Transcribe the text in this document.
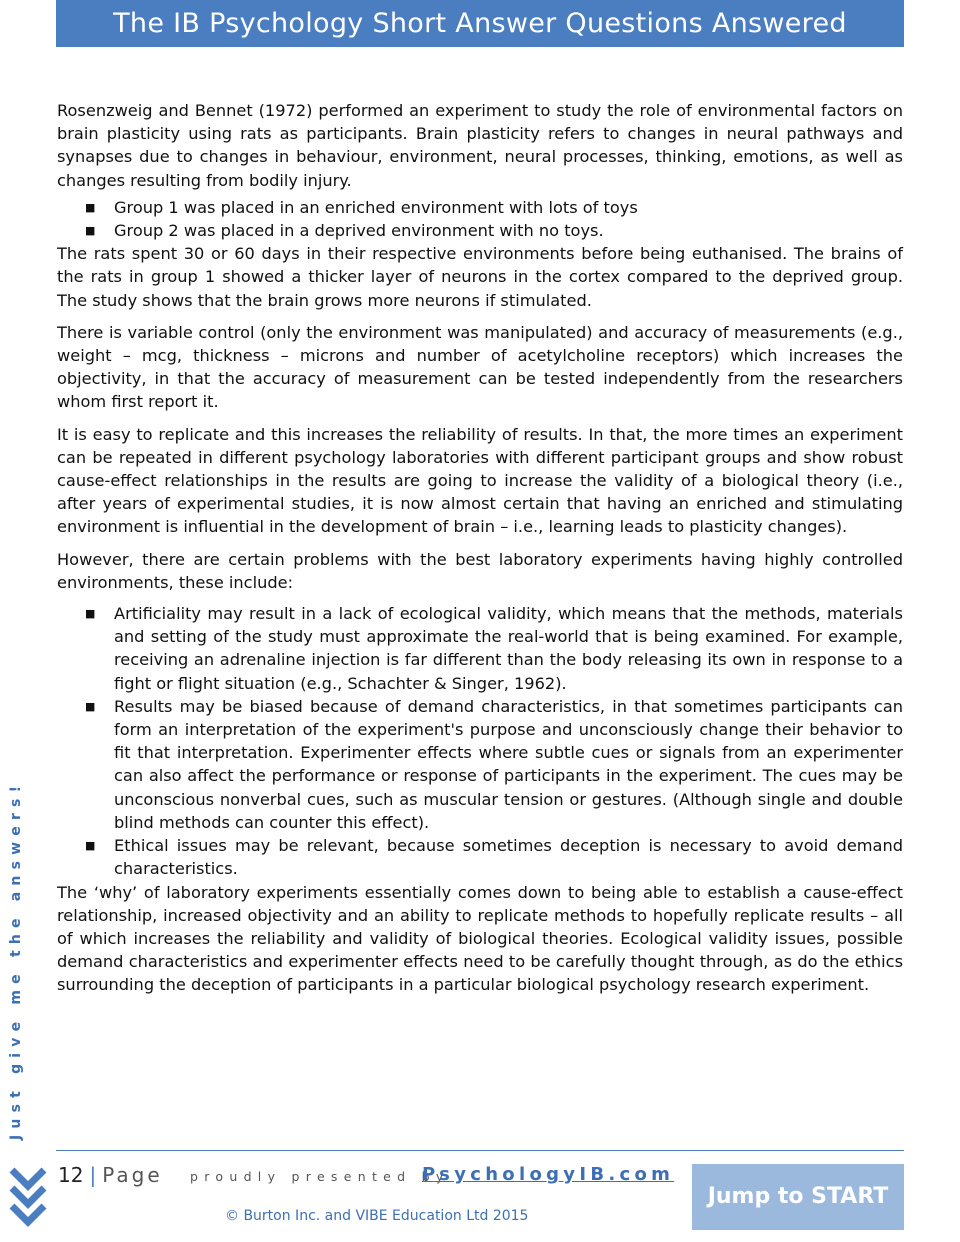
The IB Psychology Short Answer Questions Answered

Rosenzweig and Bennet (1972) performed an experiment to study the role of environmental factors on brain plasticity using rats as participants. Brain plasticity refers to changes in neural pathways and synapses due to changes in behaviour, environment, neural processes, thinking, emotions, as well as changes resulting from bodily injury.

■ Group 1 was placed in an enriched environment with lots of toys
■ Group 2 was placed in a deprived environment with no toys.

The rats spent 30 or 60 days in their respective environments before being euthanised. The brains of the rats in group 1 showed a thicker layer of neurons in the cortex compared to the deprived group. The study shows that the brain grows more neurons if stimulated.

There is variable control (only the environment was manipulated) and accuracy of measurements (e.g., weight – mcg, thickness – microns and number of acetylcholine receptors) which increases the objectivity, in that the accuracy of measurement can be tested independently from the researchers whom first report it.

It is easy to replicate and this increases the reliability of results. In that, the more times an experiment can be repeated in different psychology laboratories with different participant groups and show robust cause-effect relationships in the results are going to increase the validity of a biological theory (i.e., after years of experimental studies, it is now almost certain that having an enriched and stimulating environment is influential in the development of brain – i.e., learning leads to plasticity changes).

However, there are certain problems with the best laboratory experiments having highly controlled environments, these include:

■ Artificiality may result in a lack of ecological validity, which means that the methods, materials and setting of the study must approximate the real-world that is being examined. For example, receiving an adrenaline injection is far different than the body releasing its own in response to a fight or flight situation (e.g., Schachter & Singer, 1962).
■ Results may be biased because of demand characteristics, in that sometimes participants can form an interpretation of the experiment's purpose and unconsciously change their behavior to fit that interpretation. Experimenter effects where subtle cues or signals from an experimenter can also affect the performance or response of participants in the experiment. The cues may be unconscious nonverbal cues, such as muscular tension or gestures. (Although single and double blind methods can counter this effect).
■ Ethical issues may be relevant, because sometimes deception is necessary to avoid demand characteristics.

The ‘why’ of laboratory experiments essentially comes down to being able to establish a cause-effect relationship, increased objectivity and an ability to replicate methods to hopefully replicate results – all of which increases the reliability and validity of biological theories. Ecological validity issues, possible demand characteristics and experimenter effects need to be carefully thought through, as do the ethics surrounding the deception of participants in a particular biological psychology research experiment.

Just give me the answers!
12 | Page proudly presented by
PsychologyIB.com
© Burton Inc. and VIBE Education Ltd 2015
Jump to START
